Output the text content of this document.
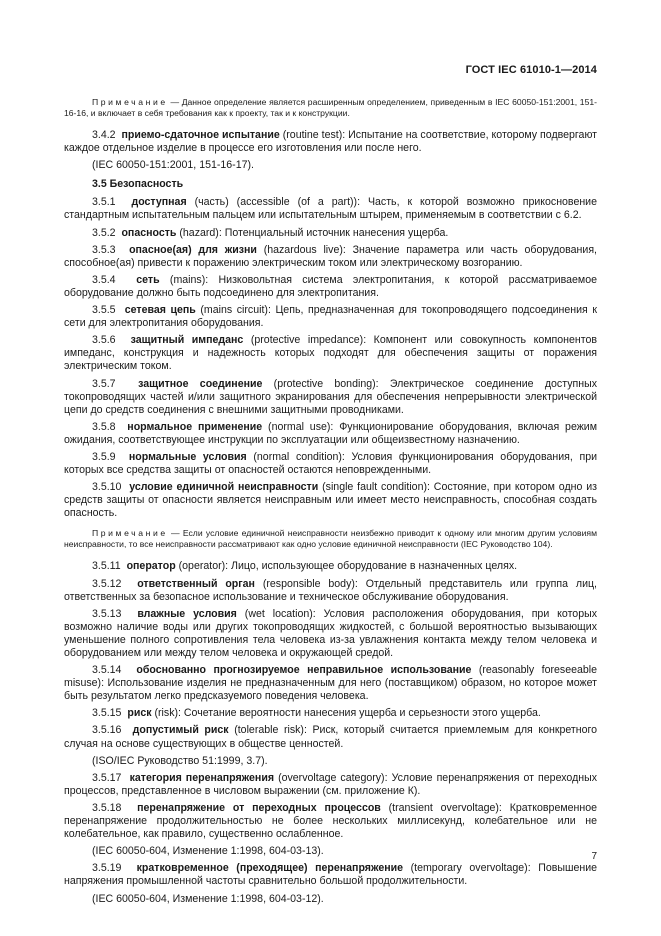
ГОСТ IEC 61010-1—2014

Примечание — Данное определение является расширенным определением, приведенным в IEC 60050-151:2001, 151-16-16, и включает в себя требования как к проекту, так и к конструкции.

3.4.2 приемо-сдаточное испытание (routine test): Испытание на соответствие, которому подвергают каждое отдельное изделие в процессе его изготовления или после него.

(IEC 60050-151:2001, 151-16-17).

3.5 Безопасность

3.5.1 доступная (часть) (accessible (of a part)): Часть, к которой возможно прикосновение стандартным испытательным пальцем или испытательным штырем, применяемым в соответствии с 6.2.

3.5.2 опасность (hazard): Потенциальный источник нанесения ущерба.

3.5.3 опасное(ая) для жизни (hazardous live): Значение параметра или часть оборудования, способное(ая) привести к поражению электрическим током или электрическому возгоранию.

3.5.4 сеть (mains): Низковольтная система электропитания, к которой рассматриваемое оборудование должно быть подсоединено для электропитания.

3.5.5 сетевая цепь (mains circuit): Цепь, предназначенная для токопроводящего подсоединения к сети для электропитания оборудования.

3.5.6 защитный импеданс (protective impedance): Компонент или совокупность компонентов импеданс, конструкция и надежность которых подходят для обеспечения защиты от поражения электрическим током.

3.5.7 защитное соединение (protective bonding): Электрическое соединение доступных токопроводящих частей и/или защитного экранирования для обеспечения непрерывности электрической цепи до средств соединения с внешними защитными проводниками.

3.5.8 нормальное применение (normal use): Функционирование оборудования, включая режим ожидания, соответствующее инструкции по эксплуатации или общеизвестному назначению.

3.5.9 нормальные условия (normal condition): Условия функционирования оборудования, при которых все средства защиты от опасностей остаются неповрежденными.

3.5.10 условие единичной неисправности (single fault condition): Состояние, при котором одно из средств защиты от опасности является неисправным или имеет место неисправность, способная создать опасность.

Примечание — Если условие единичной неисправности неизбежно приводит к одному или многим другим условиям неисправности, то все неисправности рассматривают как одно условие единичной неисправности (IEC Руководство 104).

3.5.11 оператор (operator): Лицо, использующее оборудование в назначенных целях.

3.5.12 ответственный орган (responsible body): Отдельный представитель или группа лиц, ответственных за безопасное использование и техническое обслуживание оборудования.

3.5.13 влажные условия (wet location): Условия расположения оборудования, при которых возможно наличие воды или других токопроводящих жидкостей, с большой вероятностью вызывающих уменьшение полного сопротивления тела человека из-за увлажнения контакта между телом человека и оборудованием или между телом человека и окружающей средой.

3.5.14 обоснованно прогнозируемое неправильное использование (reasonably foreseeable misuse): Использование изделия не предназначенным для него (поставщиком) образом, но которое может быть результатом легко предсказуемого поведения человека.

3.5.15 риск (risk): Сочетание вероятности нанесения ущерба и серьезности этого ущерба.

3.5.16 допустимый риск (tolerable risk): Риск, который считается приемлемым для конкретного случая на основе существующих в обществе ценностей.

(ISO/IEC Руководство 51:1999, 3.7).

3.5.17 категория перенапряжения (overvoltage category): Условие перенапряжения от переходных процессов, представленное в числовом выражении (см. приложение К).

3.5.18 перенапряжение от переходных процессов (transient overvoltage): Кратковременное перенапряжение продолжительностью не более нескольких миллисекунд, колебательное или не колебательное, как правило, существенно ослабленное.

(IEC 60050-604, Изменение 1:1998, 604-03-13).

3.5.19 кратковременное (преходящее) перенапряжение (temporary overvoltage): Повышение напряжения промышленной частоты сравнительно большой продолжительности.

(IEC 60050-604, Изменение 1:1998, 604-03-12).

7
